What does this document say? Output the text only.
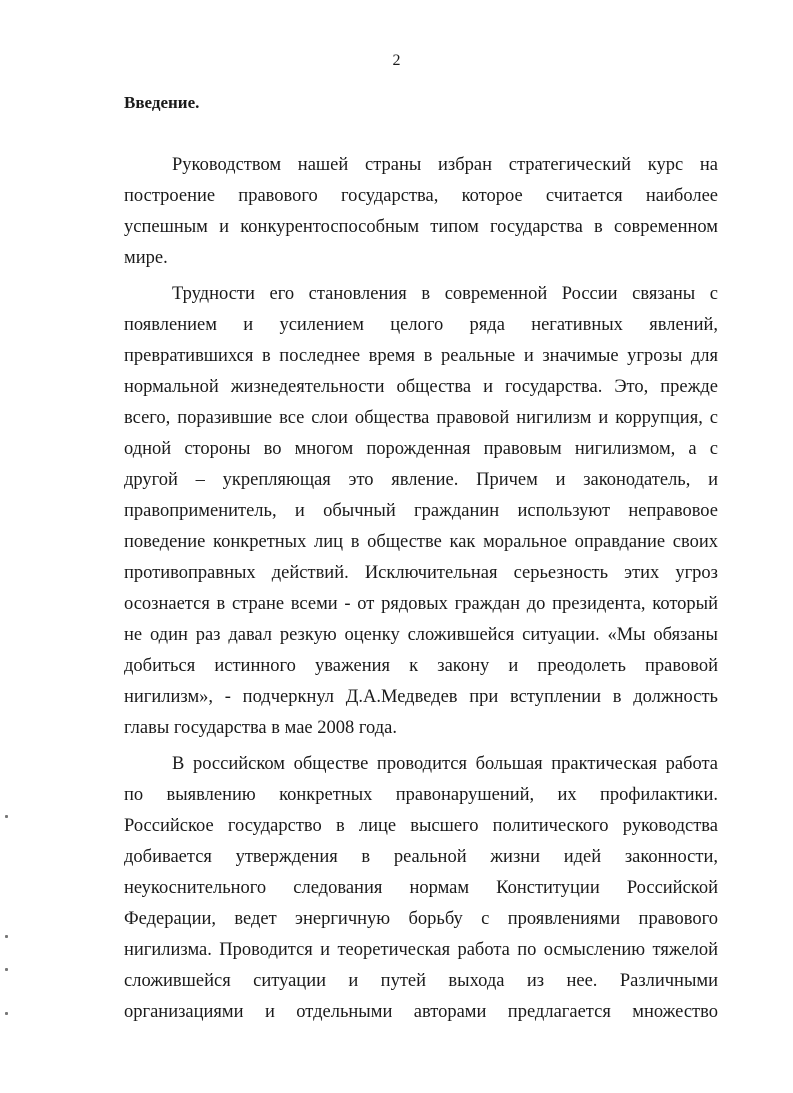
2
Введение.
Руководством нашей страны избран стратегический курс на
построение правового государства, которое считается наиболее
успешным и конкурентоспособным типом государства в современном
мире.
Трудности его становления в современной России связаны с
появлением и усилением целого ряда негативных явлений,
превратившихся в последнее время в реальные и значимые угрозы для
нормальной жизнедеятельности общества и государства. Это, прежде
всего, поразившие все слои общества правовой нигилизм и коррупция, с
одной стороны во многом порожденная правовым нигилизмом, а с
другой – укрепляющая это явление. Причем и законодатель, и
правоприменитель, и обычный гражданин используют неправовое
поведение конкретных лиц в обществе как моральное оправдание своих
противоправных действий. Исключительная серьезность этих угроз
осознается в стране всеми - от рядовых граждан до президента, который
не один раз давал резкую оценку сложившейся ситуации. «Мы обязаны
добиться истинного уважения к закону и преодолеть правовой
нигилизм», - подчеркнул Д.А.Медведев при вступлении в должность
главы государства в мае 2008 года.
В российском обществе проводится большая практическая работа
по выявлению конкретных правонарушений, их профилактики.
Российское государство в лице высшего политического руководства
добивается утверждения в реальной жизни идей законности,
неукоснительного следования нормам Конституции Российской
Федерации, ведет энергичную борьбу с проявлениями правового
нигилизма. Проводится и теоретическая работа по осмыслению тяжелой
сложившейся ситуации и путей выхода из нее. Различными
организациями и отдельными авторами предлагается множество
